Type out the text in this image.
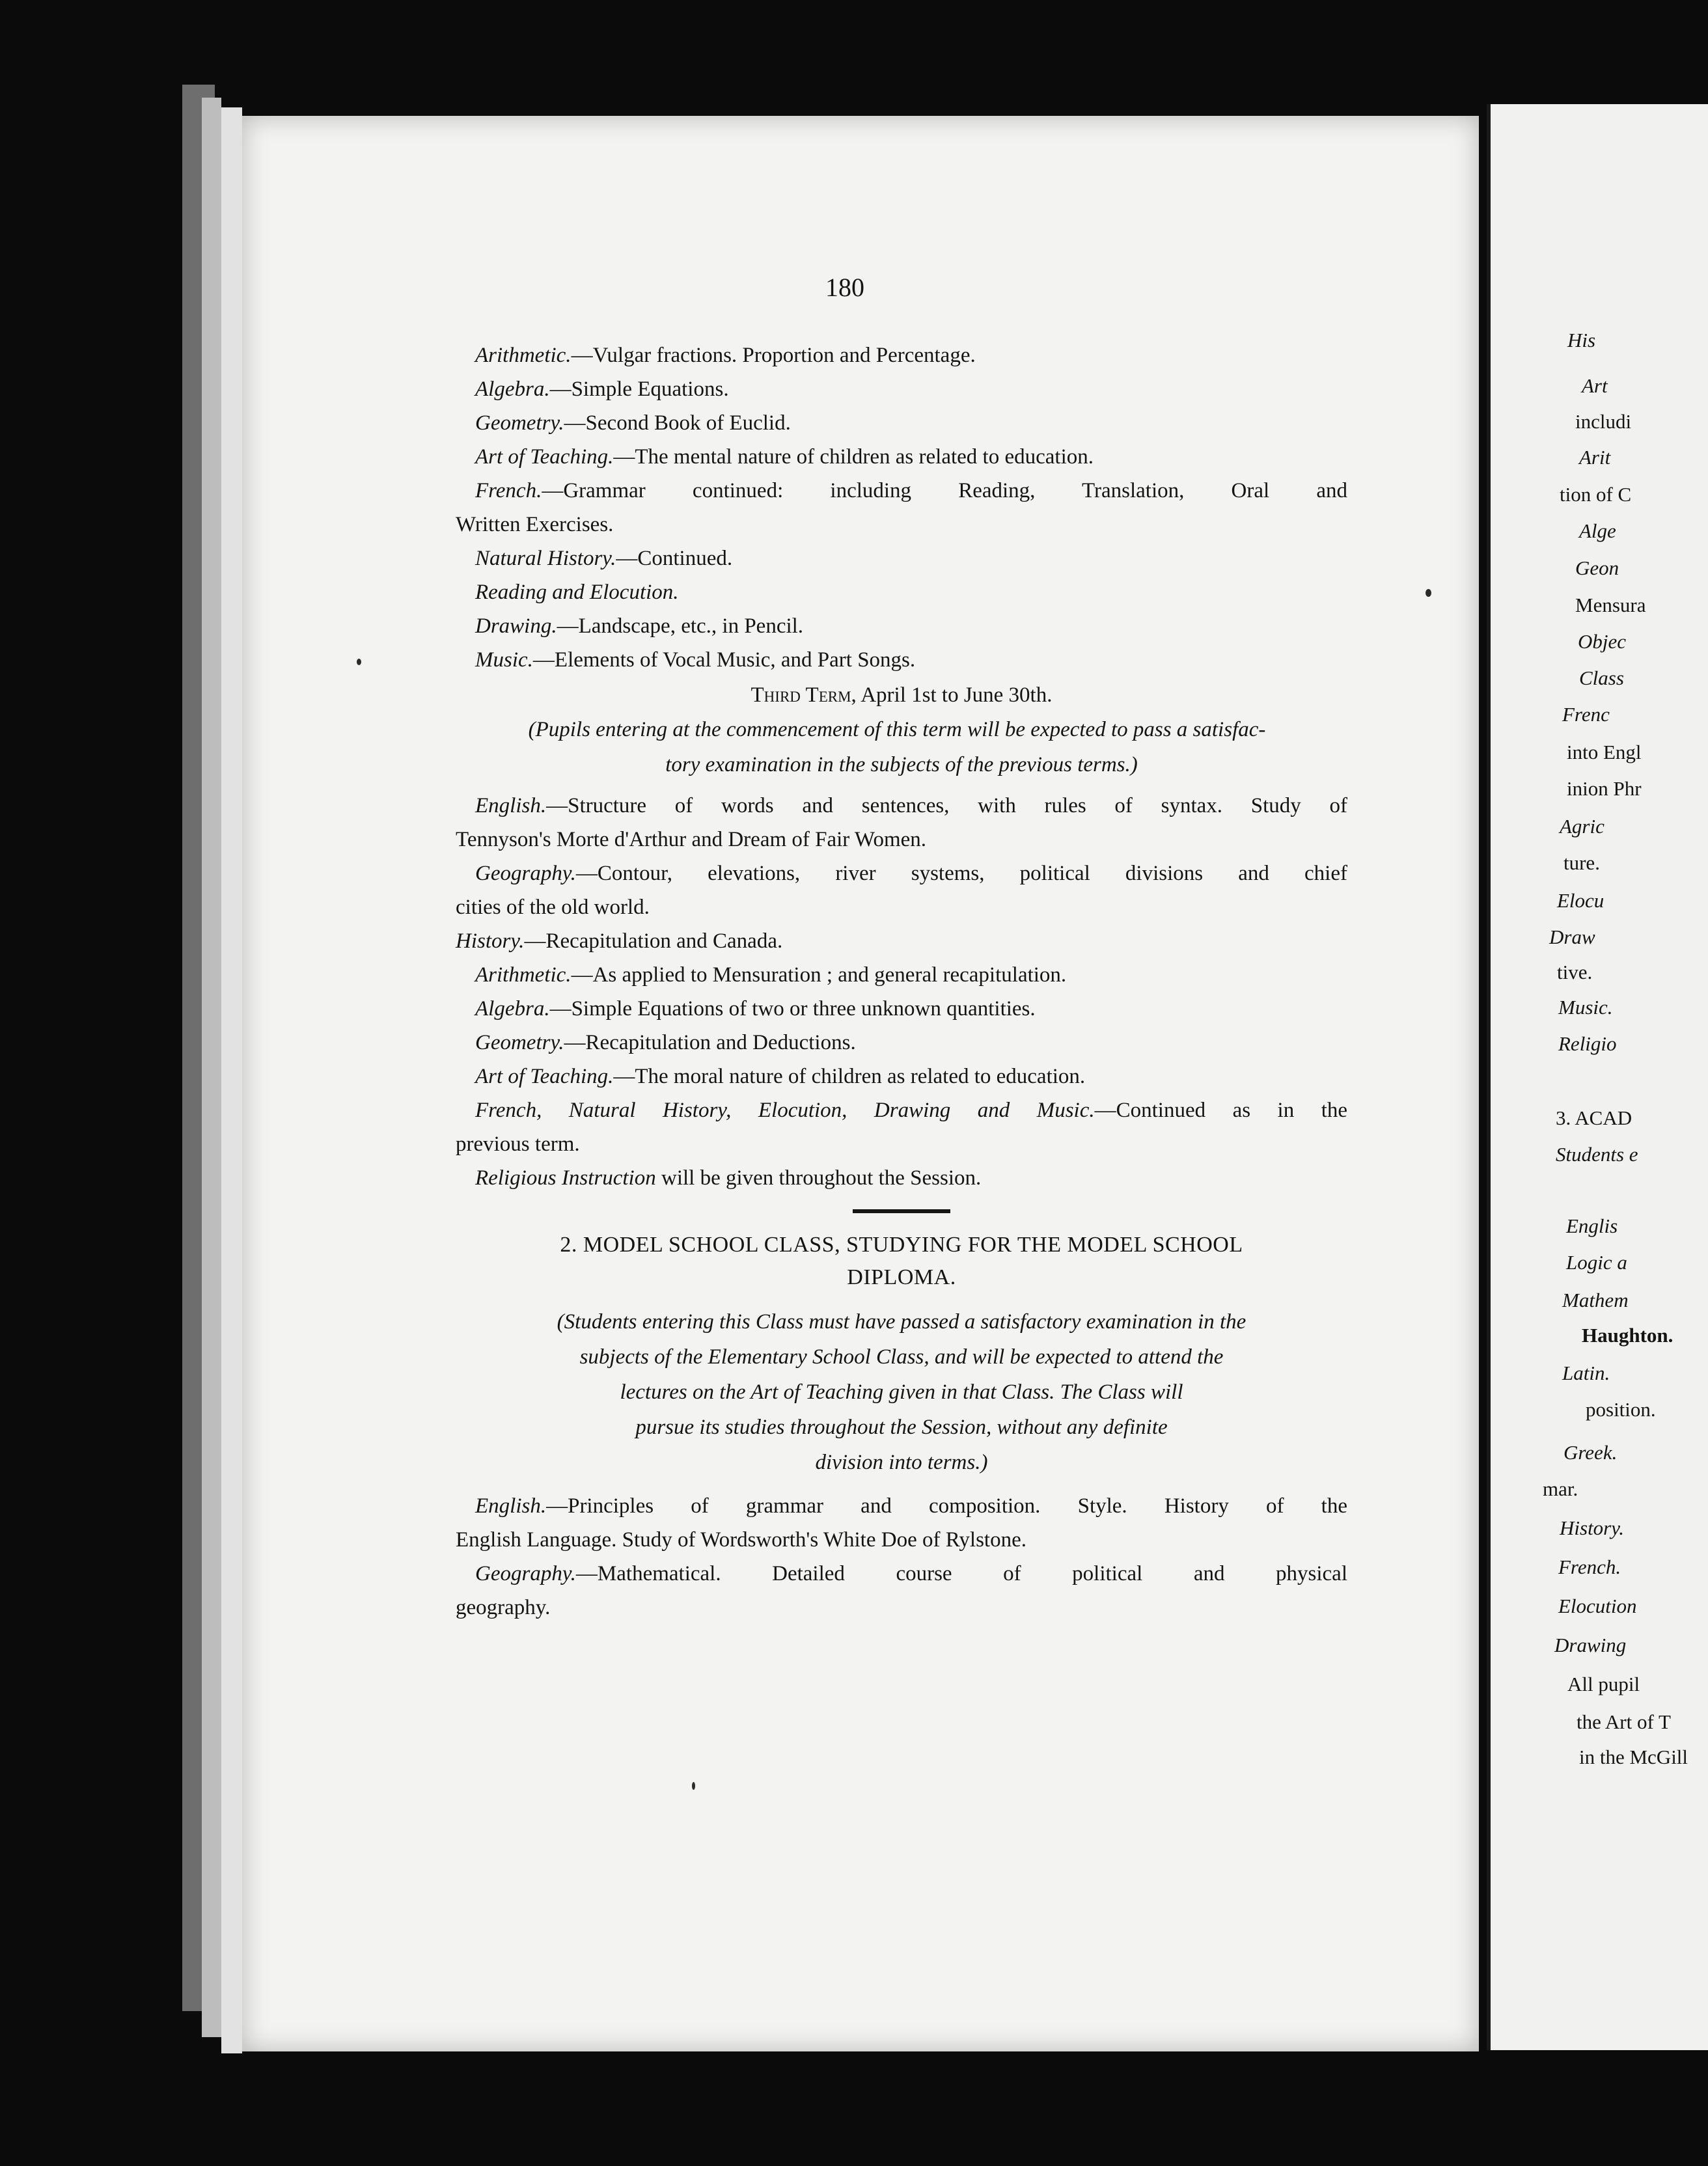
His
Art
includi
Arit
tion of C
Alge
Geon
Mensura
Objec
Class
Frenc
into Engl
inion Phr
Agric
ture.
Elocu
Draw
tive.
Music.
Religio
3. ACAD
Students e
Englis
Logic a
Mathem
Haughton.
Latin.
position.
Greek.
mar.
History.
French.
Elocution
Drawing
All pupil
the Art of T
in the McGill
180
Arithmetic.—Vulgar fractions. Proportion and Percentage.
Algebra.—Simple Equations.
Geometry.—Second Book of Euclid.
Art of Teaching.—The mental nature of children as related to education.
French.—Grammar continued: including Reading, Translation, Oral and
Written Exercises.
Natural History.—Continued.
Reading and Elocution.
Drawing.—Landscape, etc., in Pencil.
Music.—Elements of Vocal Music, and Part Songs.
Third Term, April 1st to June 30th.
(Pupils entering at the commencement of this term will be expected to pass a satisfac-
tory examination in the subjects of the previous terms.)
English.—Structure of words and sentences, with rules of syntax. Study of
Tennyson's Morte d'Arthur and Dream of Fair Women.
Geography.—Contour, elevations, river systems, political divisions and chief
cities of the old world.
History.—Recapitulation and Canada.
Arithmetic.—As applied to Mensuration ; and general recapitulation.
Algebra.—Simple Equations of two or three unknown quantities.
Geometry.—Recapitulation and Deductions.
Art of Teaching.—The moral nature of children as related to education.
French, Natural History, Elocution, Drawing and Music.—Continued as in the
previous term.
Religious Instruction will be given throughout the Session.
2. MODEL SCHOOL CLASS, STUDYING FOR THE MODEL SCHOOL
DIPLOMA.
(Students entering this Class must have passed a satisfactory examination in the
subjects of the Elementary School Class, and will be expected to attend the
lectures on the Art of Teaching given in that Class. The Class will
pursue its studies throughout the Session, without any definite
division into terms.)
English.—Principles of grammar and composition. Style. History of the
English Language. Study of Wordsworth's White Doe of Rylstone.
Geography.—Mathematical. Detailed course of political and physical
geography.
